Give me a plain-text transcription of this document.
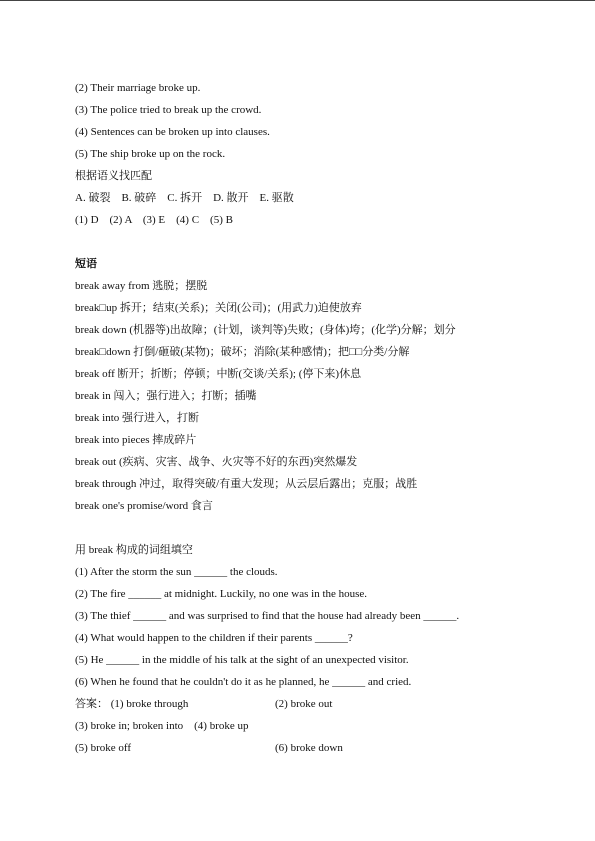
(2) Their marriage broke up.
(3) The police tried to break up the crowd.
(4) Sentences can be broken up into clauses.
(5) The ship broke up on the rock.
根据语义找匹配
A. 破裂　B. 破碎　C. 拆开　D. 散开　E. 驱散
(1) D　(2) A　(3) E　(4) C　(5) B
短语
break away from 逃脱；摆脱
break□up 拆开；结束(关系)；关闭(公司)；(用武力)迫使放弃
break down (机器等)出故障；(计划，谈判等)失败；(身体)垮；(化学)分解；划分
break□down 打倒/砸破(某物)；破坏；消除(某种感情)；把□□分类/分解
break off 断开；折断；停顿；中断(交谈/关系); (停下来)休息
break in 闯入；强行进入；打断；插嘴
break into 强行进入，打断
break into pieces 摔成碎片
break out (疾病、灾害、战争、火灾等不好的东西)突然爆发
break through 冲过，取得突破/有重大发现；从云层后露出；克服；战胜
break one's promise/word 食言
用 break 构成的词组填空
(1) After the storm the sun ______ the clouds.
(2) The fire ______ at midnight. Luckily, no one was in the house.
(3) The thief ______ and was surprised to find that the house had already been ______.
(4) What would happen to the children if their parents ______?
(5) He ______ in the middle of his talk at the sight of an unexpected visitor.
(6) When he found that he couldn't do it as he planned, he ______ and cried.
答案： (1) broke through	(2) broke out
(3) broke in; broken into　(4) broke up
(5) broke off	(6) broke down
